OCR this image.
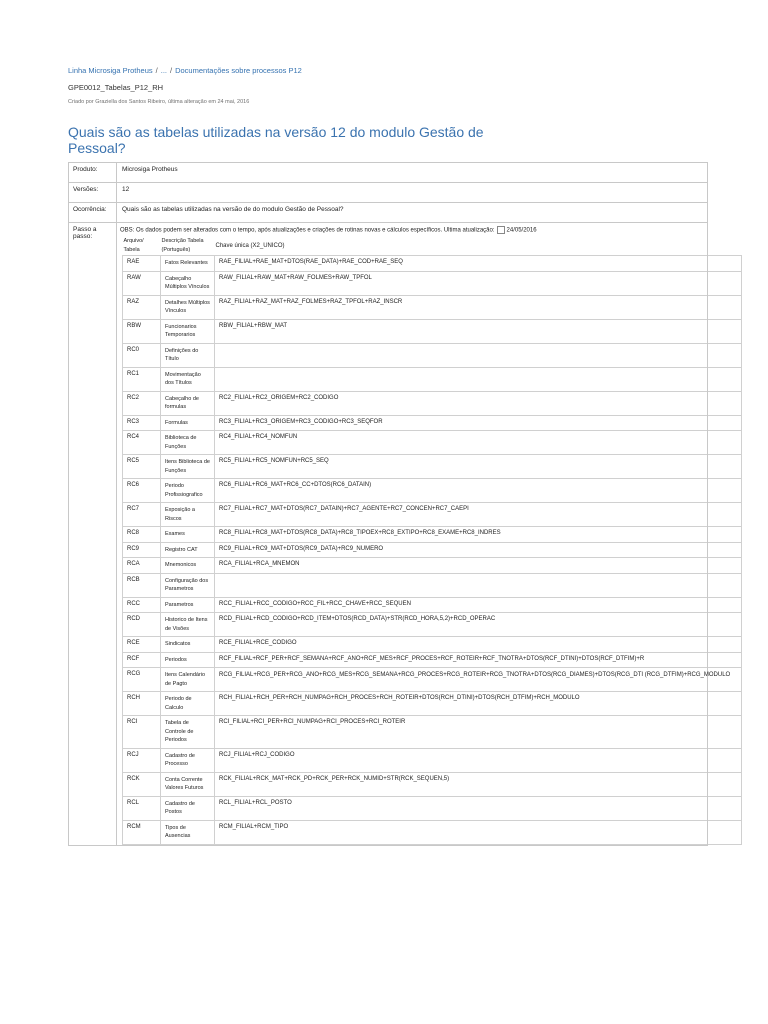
Linha Microsiga Protheus / ... / Documentações sobre processos P12
GPE0012_Tabelas_P12_RH
Criado por Graziella dos Santos Ribeiro, última alteração em 24 mai, 2016
Quais são as tabelas utilizadas na versão 12 do modulo Gestão de Pessoal?
Produto:	Microsiga Protheus
Versões:	12
Ocorrência:	Quais são as tabelas utilizadas na versão de do modulo Gestão de Pessoal?
Passo a passo:	
OBS: Os dados podem ser alterados com o tempo, após atualizações e criações de rotinas novas e cálculos específicos. Ultima atualização: 24/05/2016
Arquivo/ Tabela	Descrição Tabela (Português)	Chave única (X2_UNICO)
RAE	Fatos Relevantes	RAE_FILIAL+RAE_MAT+DTOS(RAE_DATA)+RAE_COD+RAE_SEQ
RAW	Cabeçalho Múltiplos Vínculos	RAW_FILIAL+RAW_MAT+RAW_FOLMES+RAW_TPFOL
RAZ	Detalhes Múltiplos Vínculos	RAZ_FILIAL+RAZ_MAT+RAZ_FOLMES+RAZ_TPFOL+RAZ_INSCR
RBW	Funcionarios Temporarios	RBW_FILIAL+RBW_MAT
RC0	Definições do Título	
RC1	Movimentação dos Títulos	
RC2	Cabeçalho de formulas	RC2_FILIAL+RC2_ORIGEM+RC2_CODIGO
RC3	Formulas	RC3_FILIAL+RC3_ORIGEM+RC3_CODIGO+RC3_SEQFOR
RC4	Biblioteca de Funções	RC4_FILIAL+RC4_NOMFUN
RC5	Itens Biblioteca de Funções	RC5_FILIAL+RC5_NOMFUN+RC5_SEQ
RC6	Periodo Profissiografico	RC6_FILIAL+RC6_MAT+RC6_CC+DTOS(RC6_DATAIN)
RC7	Exposição a Riscos	RC7_FILIAL+RC7_MAT+DTOS(RC7_DATAIN)+RC7_AGENTE+RC7_CONCEN+RC7_CAEPI
RC8	Exames	RC8_FILIAL+RC8_MAT+DTOS(RC8_DATA)+RC8_TIPOEX+RC8_EXTIPO+RC8_EXAME+RC8_INDRES
RC9	Registro CAT	RC9_FILIAL+RC9_MAT+DTOS(RC9_DATA)+RC9_NUMERO
RCA	Mnemonicos	RCA_FILIAL+RCA_MNEMON
RCB	Configuração dos Parametros	
RCC	Parametros	RCC_FILIAL+RCC_CODIGO+RCC_FIL+RCC_CHAVE+RCC_SEQUEN
RCD	Historico de Itens de Visões	RCD_FILIAL+RCD_CODIGO+RCD_ITEM+DTOS(RCD_DATA)+STR(RCD_HORA,5,2)+RCD_OPERAC
RCE	Sindicatos	RCE_FILIAL+RCE_CODIGO
RCF	Periodos	RCF_FILIAL+RCF_PER+RCF_SEMANA+RCF_ANO+RCF_MES+RCF_PROCES+RCF_ROTEIR+RCF_TNOTRA+DTOS(RCF_DTINI)+DTOS(RCF_DTFIM)+R
RCG	Itens Calendário de Pagto	RCG_FILIAL+RCG_PER+RCG_ANO+RCG_MES+RCG_SEMANA+RCG_PROCES+RCG_ROTEIR+RCG_TNOTRA+DTOS(RCG_DIAMES)+DTOS(RCG_DTI (RCG_DTFIM)+RCG_MODULO
RCH	Periodo de Calculo	RCH_FILIAL+RCH_PER+RCH_NUMPAG+RCH_PROCES+RCH_ROTEIR+DTOS(RCH_DTINI)+DTOS(RCH_DTFIM)+RCH_MODULO
RCI	Tabela de Controle de Periodos	RCI_FILIAL+RCI_PER+RCI_NUMPAG+RCI_PROCES+RCI_ROTEIR
RCJ	Cadastro de Processo	RCJ_FILIAL+RCJ_CODIGO
RCK	Conta Corrente Valores Futuros	RCK_FILIAL+RCK_MAT+RCK_PD+RCK_PER+RCK_NUMID+STR(RCK_SEQUEN,5)
RCL	Cadastro de Postos	RCL_FILIAL+RCL_POSTO
RCM	Tipos de Ausencias	RCM_FILIAL+RCM_TIPO
